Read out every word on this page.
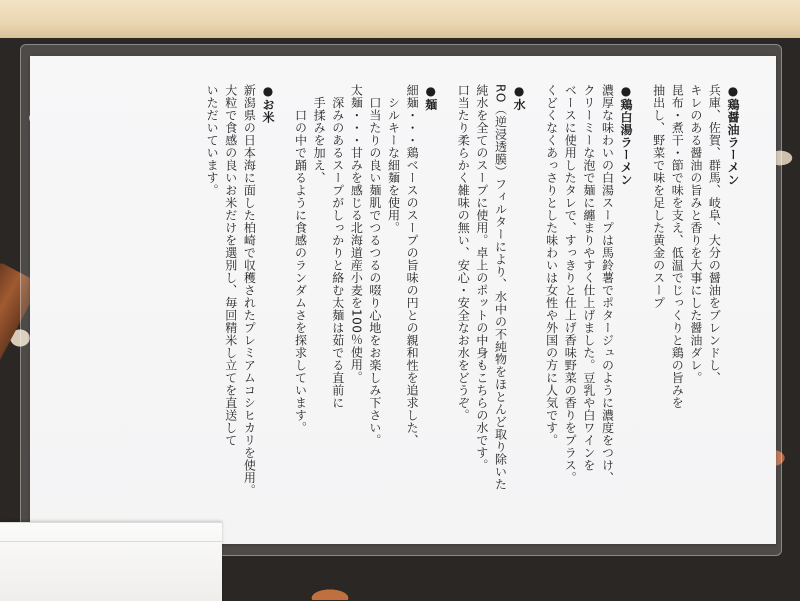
●鶏醤油ラーメン
兵庫、佐賀、群馬、岐阜、大分の醤油をブレンドし、
キレのある醤油の旨みと香りを大事にした醤油ダレ。
昆布・煮干・節で味を支え、低温でじっくりと鶏の旨みを
抽出し、野菜で味を足した黄金のスープ
●鶏白湯ラーメン
濃厚な味わいの白湯スープは馬鈴薯でポタージュのように濃度をつけ、
クリーミーな泡で麺に纏まりやすく仕上げました。豆乳や白ワインを
ベースに使用したタレで、すっきりと仕上げ香味野菜の香りをプラス。
くどくなくあっさりとした味わいは女性や外国の方に人気です。
●水
RO（逆浸透膜）フィルターにより、水中の不純物をほとんど取り除いた
純水を全てのスープに使用。卓上のポットの中身もこちらの水です。
口当たり柔らかく雑味の無い、安心・安全なお水をどうぞ。
●麺
細麺・・・鶏ベースのスープの旨味の円との親和性を追求した、
　シルキーな細麺を使用。
　口当たりの良い麺肌でつるつるの啜り心地をお楽しみ下さい。
太麺・・・甘みを感じる北海道産小麦を100％使用。
　深みのあるスープがしっかりと絡む太麺は茹でる直前に
　手揉みを加え、
　　口の中で踊るように食感のランダムさを探求しています。
●お米
新潟県の日本海に面した柏崎で収穫されたプレミアムコシヒカリを使用。
大粒で食感の良いお米だけを選別し、毎回精米し立てを直送して
いただいています。
